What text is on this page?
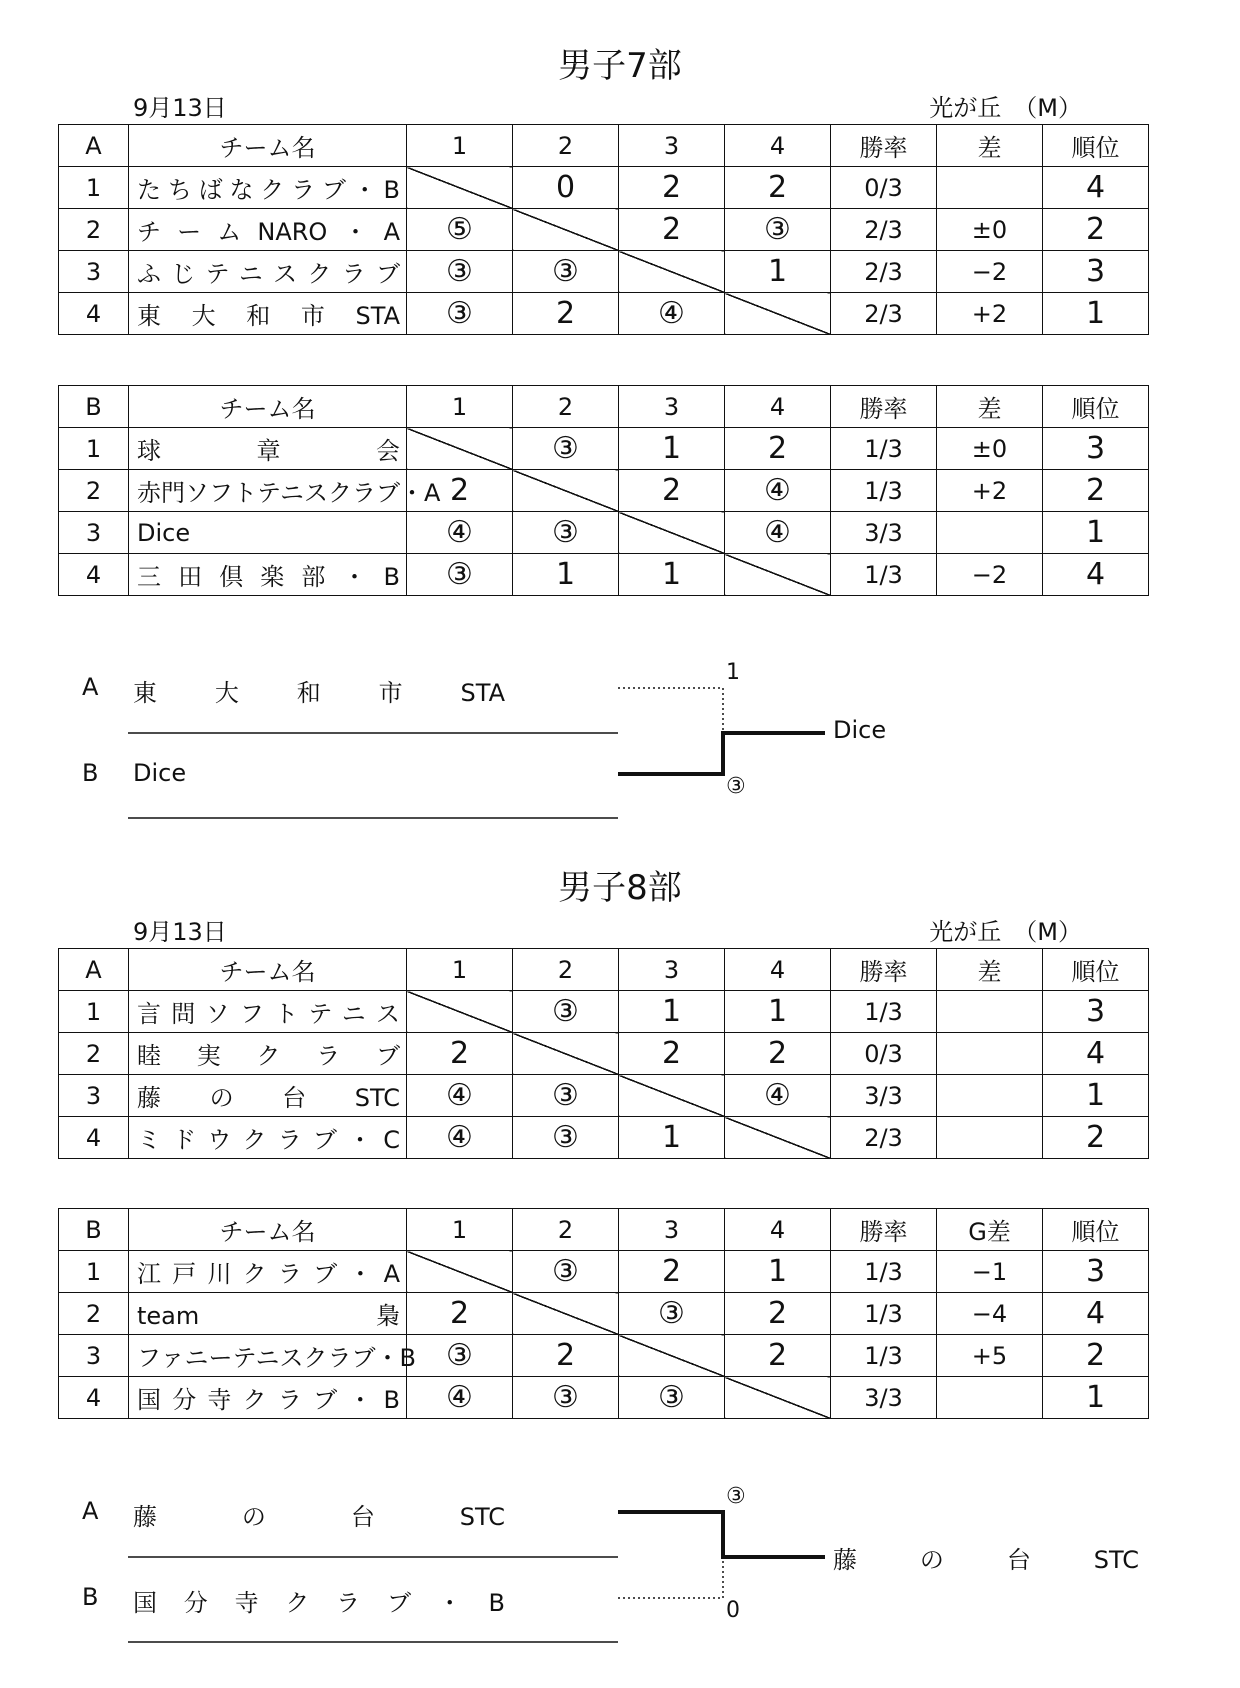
男子7部
9月13日	光が丘　（M）
A	チーム名	1	2	3	4	勝率	差	順位
1	たちばなクラブ・B		0	2	2	0/3		4
2	チームNARO・A	⑤		2	③	2/3	±0	2
3	ふじテニスクラブ	③	③		1	2/3	−2	3
4	東大和市STA	③	2	④		2/3	+2	1
B	チーム名	1	2	3	4	勝率	差	順位
1	球章会		③	1	2	1/3	±0	3
2	赤門ソフトテニスクラブ・A	2		2	④	1/3	+2	2
3	Dice	④	③		④	3/3		1
4	三田倶楽部・B	③	1	1		1/3	−2	4
A 東大和市STA
B Dice
1
③
Dice
男子8部
9月13日	光が丘　（M）
A	チーム名	1	2	3	4	勝率	差	順位
1	言問ソフトテニス		③	1	1	1/3		3
2	睦実クラブ	2		2	2	0/3		4
3	藤の台STC	④	③		④	3/3		1
4	ミドウクラブ・C	④	③	1		2/3		2
B	チーム名	1	2	3	4	勝率	G差	順位
1	江戸川クラブ・A		③	2	1	1/3	−1	3
2	team梟	2		③	2	1/3	−4	4
3	ファニーテニスクラブ・B	③	2		2	1/3	+5	2
4	国分寺クラブ・B	④	③	③		3/3		1
A 藤の台STC
B 国分寺クラブ・B
③
0
藤の台STC
